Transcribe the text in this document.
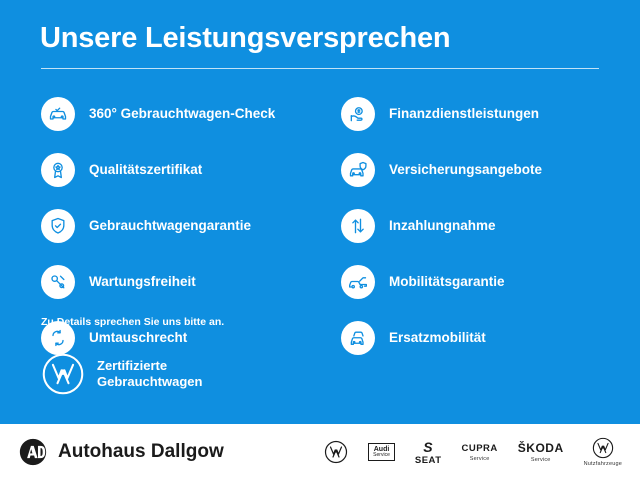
Unsere Leistungsversprechen
360° Gebrauchtwagen-Check
Qualitätszertifikat
Gebrauchtwagengarantie
Wartungsfreiheit
Umtauschrecht
Finanzdienstleistungen
Versicherungsangebote
Inzahlungnahme
Mobilitätsgarantie
Ersatzmobilität
Zu Details sprechen Sie uns bitte an.
Zertifizierte
Gebrauchtwagen
Autohaus Dallgow	Audi
Service
S
SEAT
CUPRA
Service
ŠKODA
Service
Nutzfahrzeuge
